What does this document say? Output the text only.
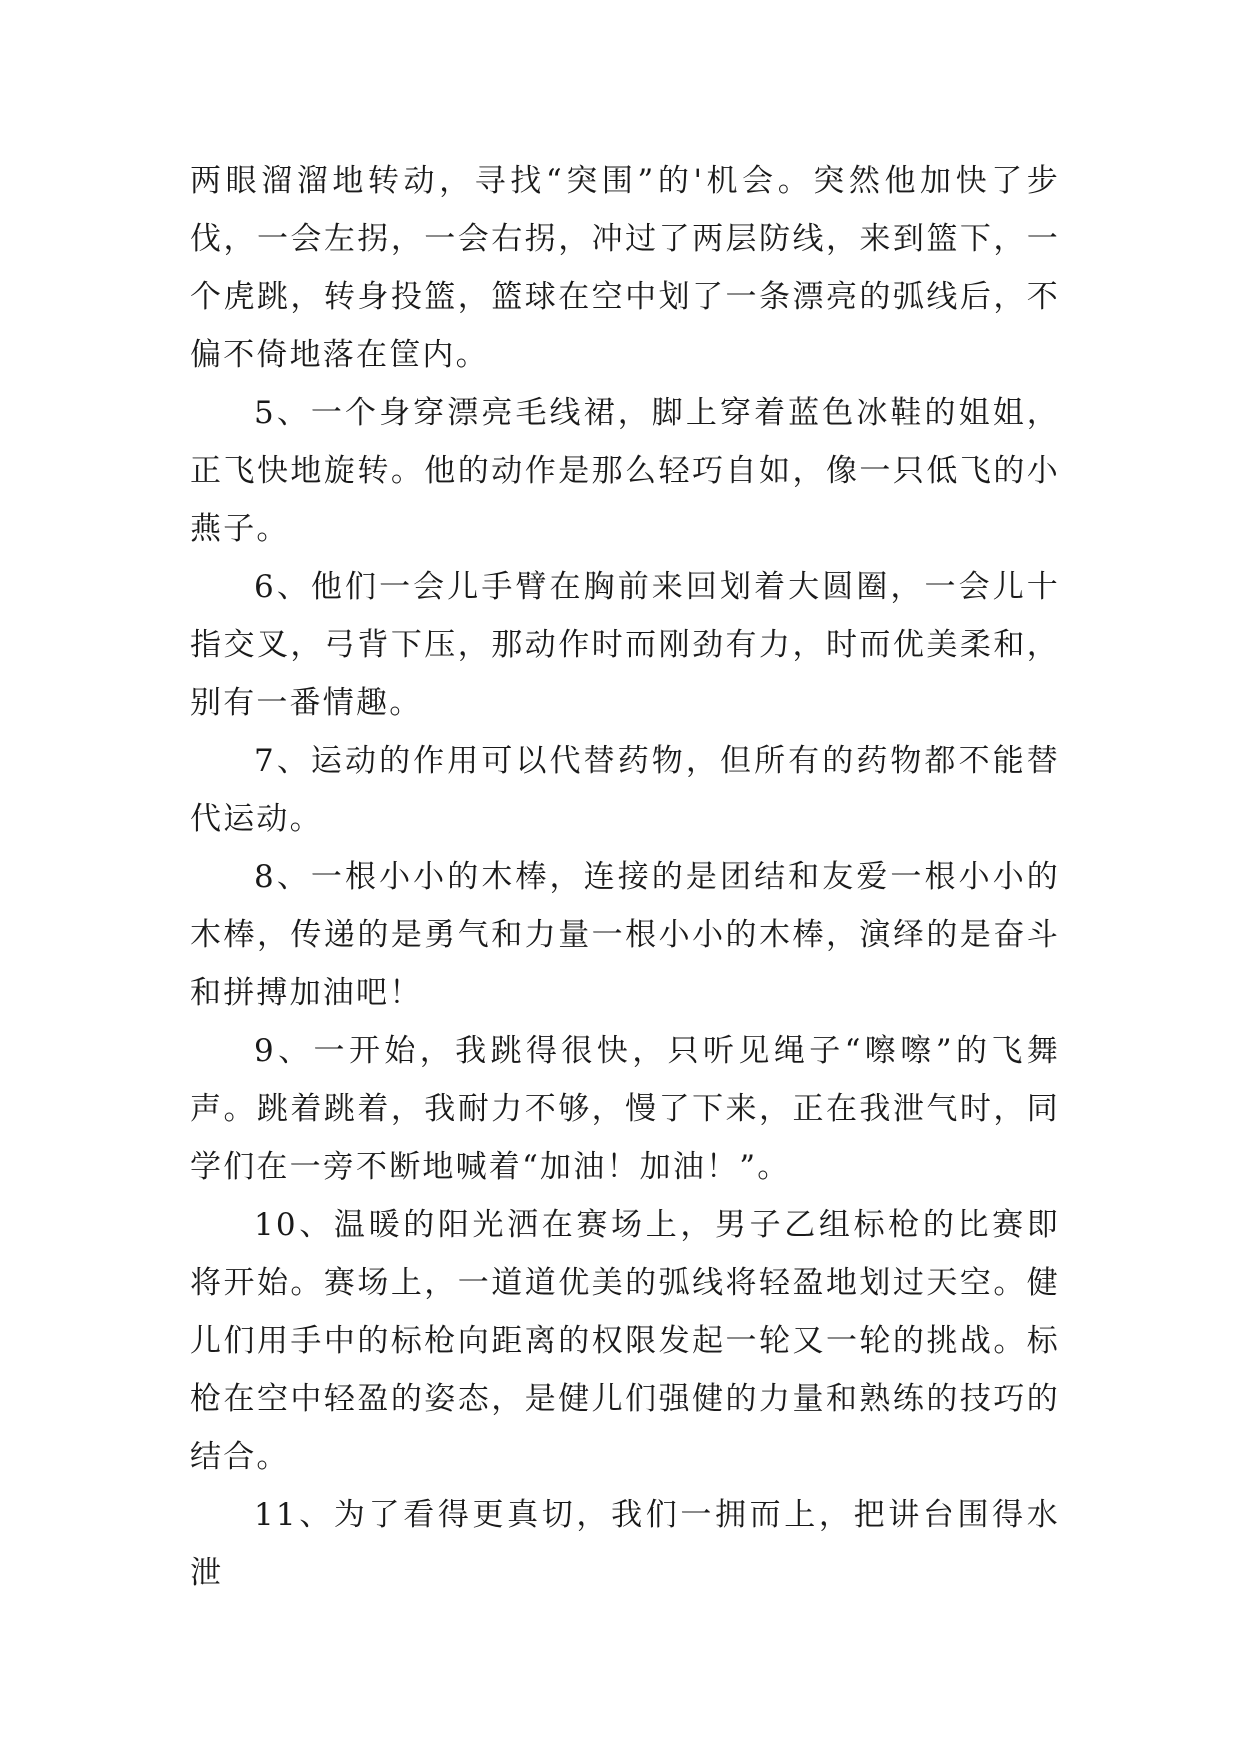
两眼溜溜地转动，寻找“突围”的'机会。突然他加快了步伐，一会左拐，一会右拐，冲过了两层防线，来到篮下，一个虎跳，转身投篮，篮球在空中划了一条漂亮的弧线后，不偏不倚地落在筐内。

5、一个身穿漂亮毛线裙，脚上穿着蓝色冰鞋的姐姐，正飞快地旋转。他的动作是那么轻巧自如，像一只低飞的小燕子。

6、他们一会儿手臂在胸前来回划着大圆圈，一会儿十指交叉，弓背下压，那动作时而刚劲有力，时而优美柔和，别有一番情趣。

7、运动的作用可以代替药物，但所有的药物都不能替代运动。

8、一根小小的木棒，连接的是团结和友爱一根小小的木棒，传递的是勇气和力量一根小小的木棒，演绎的是奋斗和拼搏加油吧！

9、一开始，我跳得很快，只听见绳子“嚓嚓”的飞舞声。跳着跳着，我耐力不够，慢了下来，正在我泄气时，同学们在一旁不断地喊着“加油！加油！”。

10、温暖的阳光洒在赛场上，男子乙组标枪的比赛即将开始。赛场上，一道道优美的弧线将轻盈地划过天空。健儿们用手中的标枪向距离的权限发起一轮又一轮的挑战。标枪在空中轻盈的姿态，是健儿们强健的力量和熟练的技巧的结合。

11、为了看得更真切，我们一拥而上，把讲台围得水泄
